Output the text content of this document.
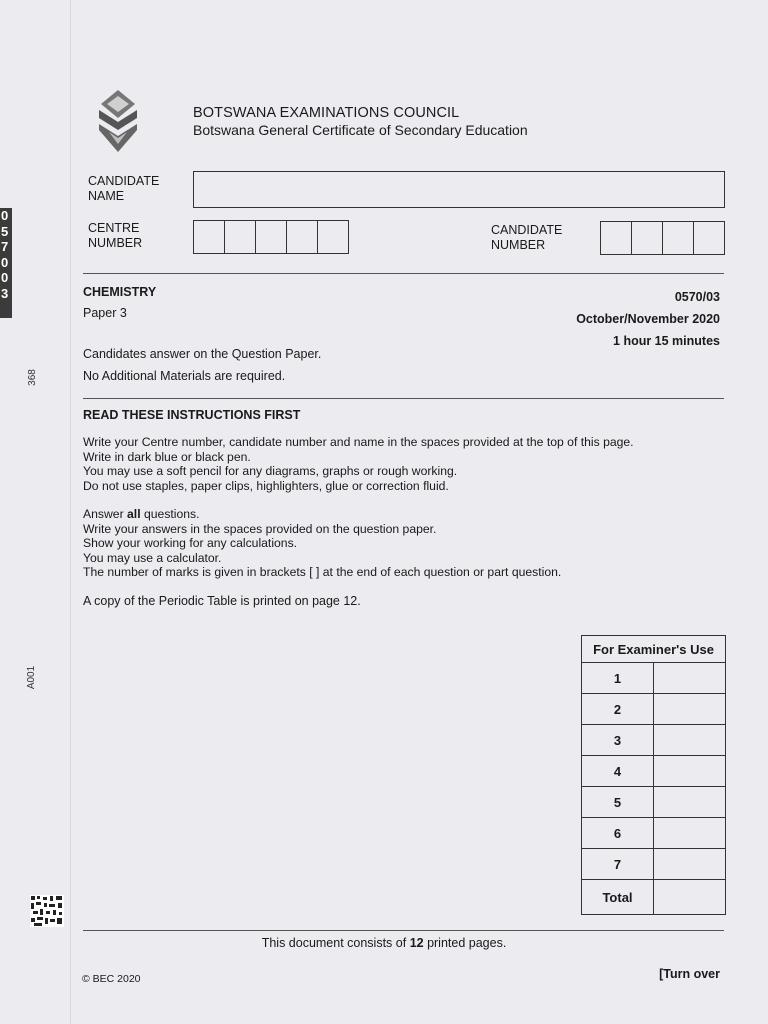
0
5
7
0
0
3
368
A001
BOTSWANA EXAMINATIONS COUNCIL
Botswana General Certificate of Secondary Education
CANDIDATE
NAME
CENTRE
NUMBER
CANDIDATE
NUMBER
CHEMISTRY
Paper 3
0570/03
October/November 2020
1 hour 15 minutes
Candidates answer on the Question Paper.
No Additional Materials are required.
READ THESE INSTRUCTIONS FIRST

Write your Centre number, candidate number and name in the spaces provided at the top of this page.

Write in dark blue or black pen.

You may use a soft pencil for any diagrams, graphs or rough working.

Do not use staples, paper clips, highlighters, glue or correction fluid.

Answer all questions.

Write your answers in the spaces provided on the question paper.

Show your working for any calculations.

You may use a calculator.

The number of marks is given in brackets [ ] at the end of each question or part question.

A copy of the Periodic Table is printed on page 12.
For Examiner's Use	
1	
2	
3	
4	
5	
6	
7	
Total	
This document consists of 12 printed pages.
© BEC 2020	[Turn over
